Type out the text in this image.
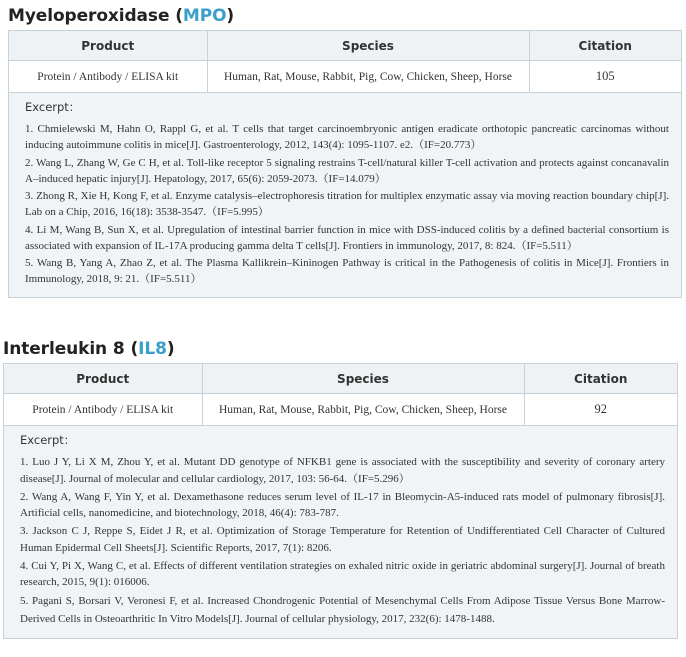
Myeloperoxidase (MPO)
Product	Species	Citation
Protein / Antibody / ELISA kit	Human, Rat, Mouse, Rabbit, Pig, Cow, Chicken, Sheep, Horse	105
Excerpt：
1. Chmielewski M, Hahn O, Rappl G, et al. T cells that target carcinoembryonic antigen eradicate orthotopic pancreatic carcinomas without inducing autoimmune colitis in mice[J]. Gastroenterology, 2012, 143(4): 1095-1107. e2.（IF=20.773）
2. Wang L, Zhang W, Ge C H, et al. Toll-like receptor 5 signaling restrains T-cell/natural killer T-cell activation and protects against concanavalin A–induced hepatic injury[J]. Hepatology, 2017, 65(6): 2059-2073.（IF=14.079）
3. Zhong R, Xie H, Kong F, et al. Enzyme catalysis–electrophoresis titration for multiplex enzymatic assay via moving reaction boundary chip[J]. Lab on a Chip, 2016, 16(18): 3538-3547.（IF=5.995）
4. Li M, Wang B, Sun X, et al. Upregulation of intestinal barrier function in mice with DSS-induced colitis by a defined bacterial consortium is associated with expansion of IL-17A producing gamma delta T cells[J]. Frontiers in immunology, 2017, 8: 824.（IF=5.511）
5. Wang B, Yang A, Zhao Z, et al. The Plasma Kallikrein–Kininogen Pathway is critical in the Pathogenesis of colitis in Mice[J]. Frontiers in Immunology, 2018, 9: 21.（IF=5.511）
Interleukin 8 (IL8)
Product	Species	Citation
Protein / Antibody / ELISA kit	Human, Rat, Mouse, Rabbit, Pig, Cow, Chicken, Sheep, Horse	92
Excerpt：
1. Luo J Y, Li X M, Zhou Y, et al. Mutant DD genotype of NFKB1 gene is associated with the susceptibility and severity of coronary artery disease[J]. Journal of molecular and cellular cardiology, 2017, 103: 56-64.（IF=5.296）
2. Wang A, Wang F, Yin Y, et al. Dexamethasone reduces serum level of IL-17 in Bleomycin-A5-induced rats model of pulmonary fibrosis[J]. Artificial cells, nanomedicine, and biotechnology, 2018, 46(4): 783-787.
3. Jackson C J, Reppe S, Eidet J R, et al. Optimization of Storage Temperature for Retention of Undifferentiated Cell Character of Cultured Human Epidermal Cell Sheets[J]. Scientific Reports, 2017, 7(1): 8206.
4. Cui Y, Pi X, Wang C, et al. Effects of different ventilation strategies on exhaled nitric oxide in geriatric abdominal surgery[J]. Journal of breath research, 2015, 9(1): 016006.
5. Pagani S, Borsari V, Veronesi F, et al. Increased Chondrogenic Potential of Mesenchymal Cells From Adipose Tissue Versus Bone Marrow-Derived Cells in Osteoarthritic In Vitro Models[J]. Journal of cellular physiology, 2017, 232(6): 1478-1488.
